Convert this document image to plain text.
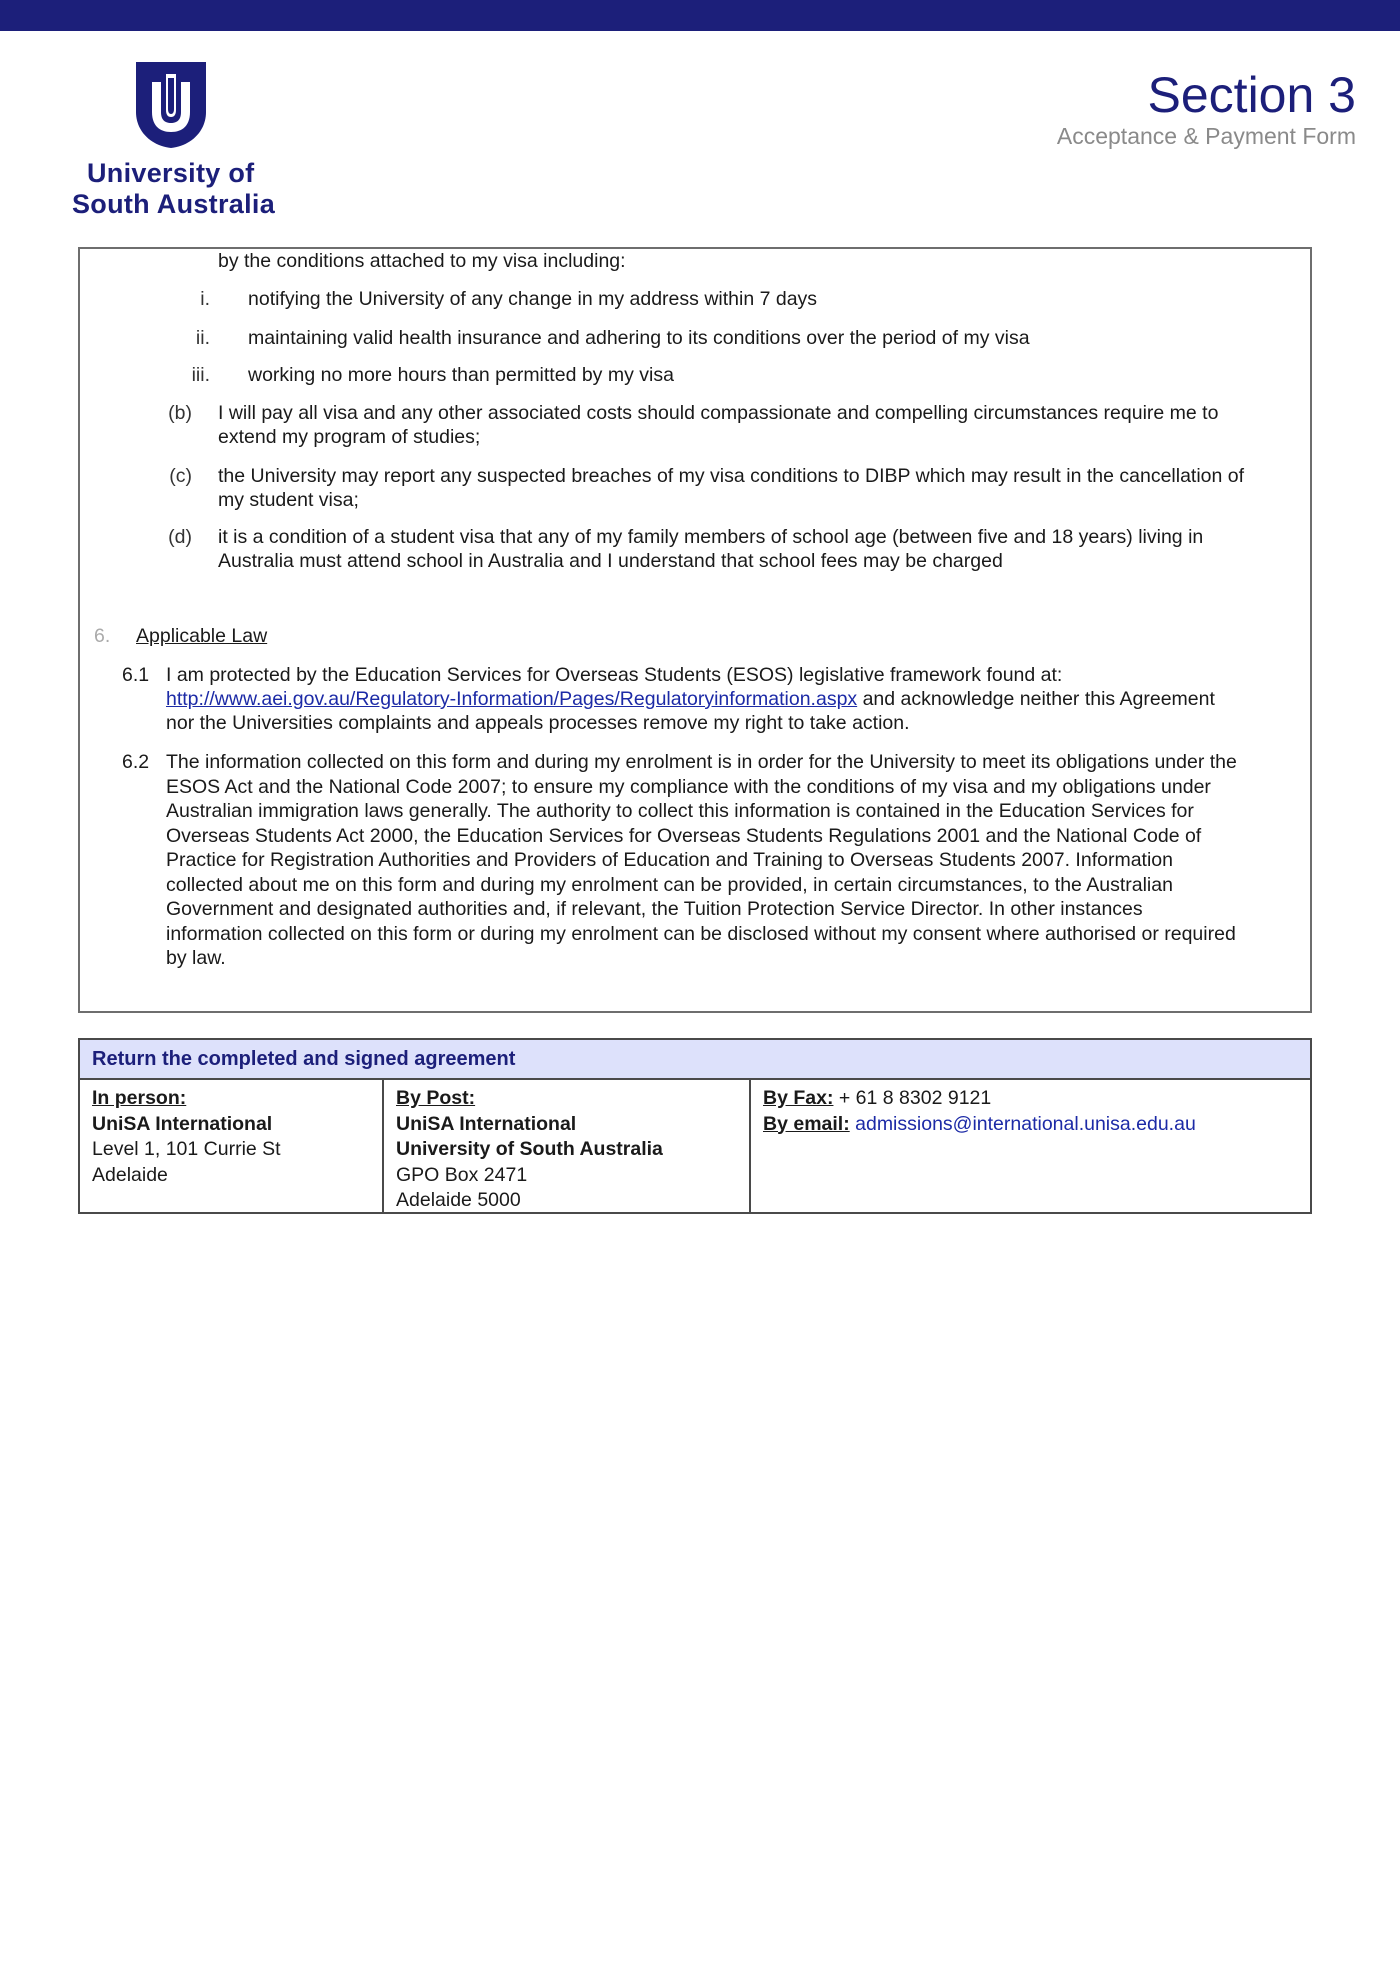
University of
South Australia
Section 3
Acceptance & Payment Form
by the conditions attached to my visa including:
i. notifying the University of any change in my address within 7 days
ii. maintaining valid health insurance and adhering to its conditions over the period of my visa
iii. working no more hours than permitted by my visa
(b) I will pay all visa and any other associated costs should compassionate and compelling circumstances require me to
extend my program of studies;
(c) the University may report any suspected breaches of my visa conditions to DIBP which may result in the cancellation of
my student visa;
(d) it is a condition of a student visa that any of my family members of school age (between five and 18 years) living in
Australia must attend school in Australia and I understand that school fees may be charged
6. Applicable Law
6.1 I am protected by the Education Services for Overseas Students (ESOS) legislative framework found at:
http://www.aei.gov.au/Regulatory-Information/Pages/Regulatoryinformation.aspx and acknowledge neither this Agreement
nor the Universities complaints and appeals processes remove my right to take action.
6.2 The information collected on this form and during my enrolment is in order for the University to meet its obligations under the
ESOS Act and the National Code 2007; to ensure my compliance with the conditions of my visa and my obligations under
Australian immigration laws generally. The authority to collect this information is contained in the Education Services for
Overseas Students Act 2000, the Education Services for Overseas Students Regulations 2001 and the National Code of
Practice for Registration Authorities and Providers of Education and Training to Overseas Students 2007. Information
collected about me on this form and during my enrolment can be provided, in certain circumstances, to the Australian
Government and designated authorities and, if relevant, the Tuition Protection Service Director. In other instances
information collected on this form or during my enrolment can be disclosed without my consent where authorised or required
by law.
Return the completed and signed agreement
In person:
UniSA International
Level 1, 101 Currie St
Adelaide
By Post:
UniSA International
University of South Australia
GPO Box 2471
Adelaide 5000
By Fax: + 61 8 8302 9121
By email: admissions@international.unisa.edu.au
